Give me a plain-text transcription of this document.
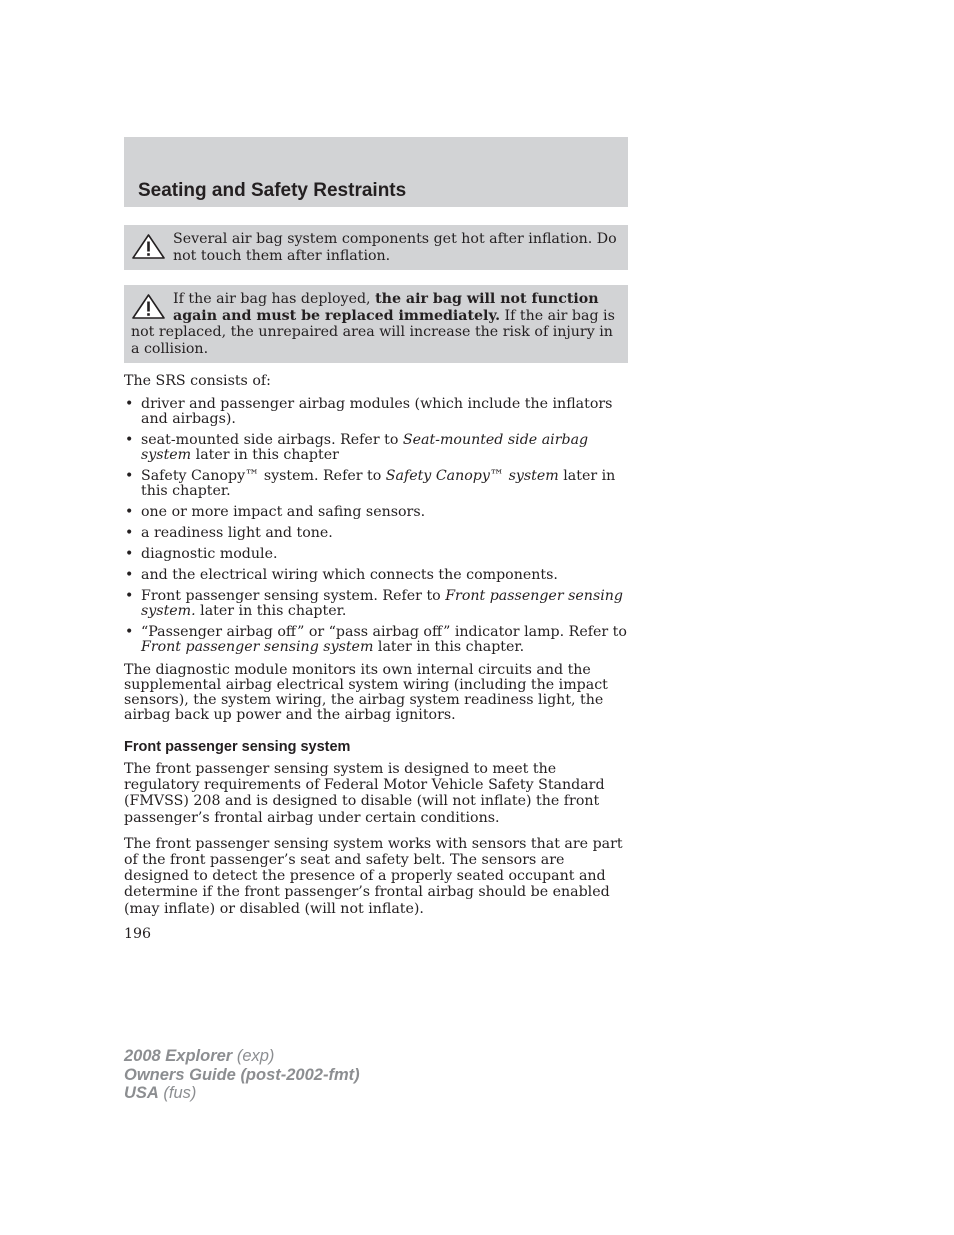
Seating and Safety Restraints

Several air bag system components get hot after inflation. Do not touch them after inflation.

If the air bag has deployed, the air bag will not function again and must be replaced immediately. If the air bag is not replaced, the unrepaired area will increase the risk of injury in a collision.

The SRS consists of:

• driver and passenger airbag modules (which include the inflators and airbags).
• seat-mounted side airbags. Refer to Seat-mounted side airbag system later in this chapter
• Safety Canopy™ system. Refer to Safety Canopy™ system later in this chapter.
• one or more impact and safing sensors.
• a readiness light and tone.
• diagnostic module.
• and the electrical wiring which connects the components.
• Front passenger sensing system. Refer to Front passenger sensing system. later in this chapter.
• “Passenger airbag off” or “pass airbag off” indicator lamp. Refer to Front passenger sensing system later in this chapter.

The diagnostic module monitors its own internal circuits and the supplemental airbag electrical system wiring (including the impact sensors), the system wiring, the airbag system readiness light, the airbag back up power and the airbag ignitors.

Front passenger sensing system

The front passenger sensing system is designed to meet the regulatory requirements of Federal Motor Vehicle Safety Standard (FMVSS) 208 and is designed to disable (will not inflate) the front passenger’s frontal airbag under certain conditions.

The front passenger sensing system works with sensors that are part of the front passenger’s seat and safety belt. The sensors are designed to detect the presence of a properly seated occupant and determine if the front passenger’s frontal airbag should be enabled (may inflate) or disabled (will not inflate).

196
2008 Explorer (exp)
Owners Guide (post-2002-fmt)
USA (fus)
